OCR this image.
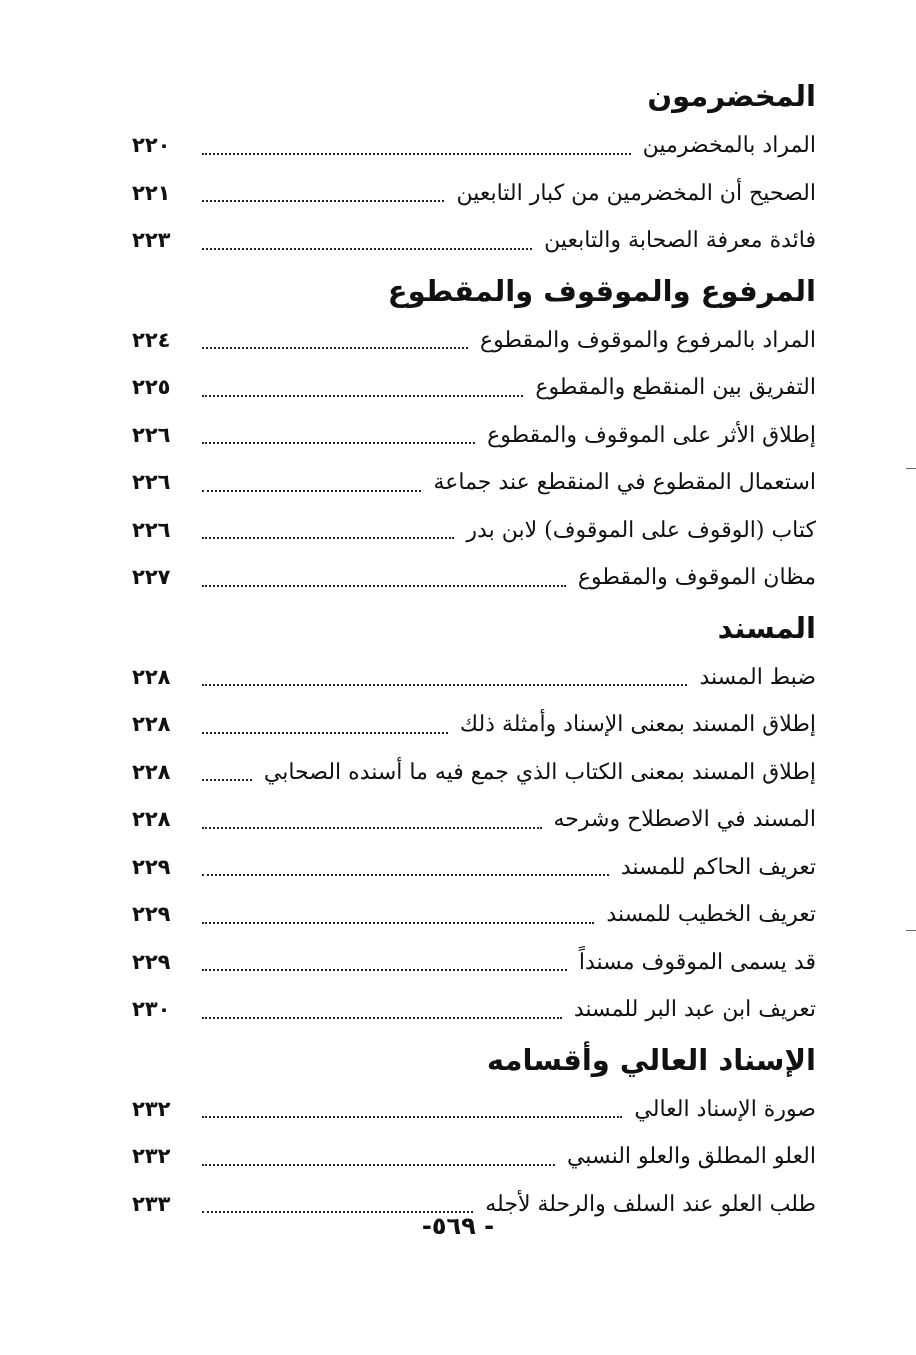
المخضرمون
المراد بالمخضرمين
٢٢٠
الصحيح أن المخضرمين من كبار التابعين
٢٢١
فائدة معرفة الصحابة والتابعين
٢٢٣
المرفوع والموقوف والمقطوع
المراد بالمرفوع والموقوف والمقطوع
٢٢٤
التفريق بين المنقطع والمقطوع
٢٢٥
إطلاق الأثر على الموقوف والمقطوع
٢٢٦
استعمال المقطوع في المنقطع عند جماعة
٢٢٦
كتاب (الوقوف على الموقوف) لابن بدر
٢٢٦
مظان الموقوف والمقطوع
٢٢٧
المسند
ضبط المسند
٢٢٨
إطلاق المسند بمعنى الإسناد وأمثلة ذلك
٢٢٨
إطلاق المسند بمعنى الكتاب الذي جمع فيه ما أسنده الصحابي
٢٢٨
المسند في الاصطلاح وشرحه
٢٢٨
تعريف الحاكم للمسند
٢٢٩
تعريف الخطيب للمسند
٢٢٩
قد يسمى الموقوف مسنداً
٢٢٩
تعريف ابن عبد البر للمسند
٢٣٠
الإسناد العالي وأقسامه
صورة الإسناد العالي
٢٣٢
العلو المطلق والعلو النسبي
٢٣٢
طلب العلو عند السلف والرحلة لأجله
٢٣٣
- ٥٦٩-
